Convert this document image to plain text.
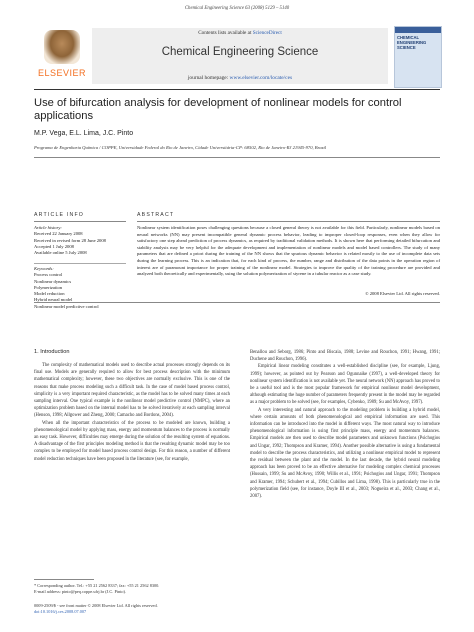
Chemical Engineering Science 63 (2008) 5129 – 5140
ELSEVIER
Contents lists available at ScienceDirect
Chemical Engineering Science
journal homepage: www.elsevier.com/locate/ces
CHEMICAL ENGINEERING SCIENCE
Use of bifurcation analysis for development of nonlinear models for control applications
M.P. Vega, E.L. Lima, J.C. Pinto
Programa de Engenharia Química / COPPE, Universidade Federal do Rio de Janeiro, Cidade Universitária-CP: 68502, Rio de Janeiro-RJ 21945-970, Brazil
ARTICLE INFO	ABSTRACT
Article history:
Received 22 January 2008
Received in revised form 28 June 2008
Accepted 1 July 2008
Available online 5 July 2008
Keywords:
Process control
Nonlinear dynamics
Polymerization
Model reduction
Hybrid neural model
Nonlinear model predictive control
Nonlinear system identification poses challenging questions because a closed general theory is not available for this field. Particularly, nonlinear models based on neural networks (NN) may present incompatible general dynamic process behavior, leading to improper closed-loop responses, even when they allow for satisfactory one step ahead prediction of process dynamics, as required by traditional validation methods. It is shown here that performing detailed bifurcation and stability analysis may be very helpful for the adequate development and implementation of nonlinear models and model based controllers. The study of many parameters that are defined a priori during the training of the NN shows that the spurious dynamic behavior is related mostly to the use of incomplete data sets during the learning process. This is an indication that, for each kind of process, the number, range and distribution of the data points in the operation region of interest are of paramount importance for proper training of the nonlinear model. Strategies to improve the quality of the training procedure are provided and analyzed both theoretically and experimentally, using the solution polymerization of styrene in a tubular reactor as a case study.
© 2008 Elsevier Ltd. All rights reserved.
1. Introduction

The complexity of mathematical models used to describe actual processes strongly depends on its final use. Models are generally required to allow for best process description with the minimum mathematical complexity; however, these two objectives are normally exclusive. This is one of the reasons that make process modeling such a difficult task. In the case of model based process control, simplicity is a very important required characteristic, as the model has to be solved many times at each sampling interval. One typical example is the nonlinear model predictive control (NMPC), where an optimization problem based on the internal model has to be solved iteratively at each sampling interval (Henson, 1998; Allgower and Zheng, 2000; Camacho and Bordons, 2004).

When all the important characteristics of the process to be modeled are known, building a phenomenological model by applying mass, energy and momentum balances to the process is normally an easy task. However, difficulties may emerge during the solution of the resulting system of equations. A disadvantage of the first principles modeling method is that the resulting dynamic model may be too complex to be employed for model based process control design. For this reason, a number of different model reduction techniques have been proposed in the literature (see, for example,

Benallou and Seborg, 1986; Pinto and Biscaia, 1988; Levine and Rouchon, 1991; Hwang, 1991; Duchene and Rouchon, 1996).

Empirical linear modeling constitutes a well-established discipline (see, for example, Ljung, 1999); however, as pointed out by Pearson and Ogunnaike (1997), a well-developed theory for nonlinear system identification is not available yet. The neural network (NN) approach has proved to be a useful tool and is the most popular framework for empirical nonlinear model development, although estimating the huge number of parameters frequently present in the model may be regarded as a major problem to be solved (see, for examples, Cybenko, 1989; Su and McAvoy, 1997).

A very interesting and natural approach to the modeling problem is building a hybrid model, where certain amounts of both phenomenological and empirical information are used. This information can be introduced into the model in different ways. The most natural way to introduce phenomenological information is using first principle mass, energy and momentum balances. Empirical models are then used to describe model parameters and unknown functions (Psichogios and Ungar, 1992; Thompson and Kramer, 1994). Another possible alternative is using a fundamental model to describe the process characteristics, and utilizing a nonlinear empirical model to represent the residual between the plant and the model. In the last decade, the hybrid neural modeling approach has been proved to be an effective alternative for modeling complex chemical processes (Hussain, 1999; Su and McAvoy, 1990; Willis et al., 1991; Psichogios and Ungar, 1991; Thompson and Kramer, 1994; Schubert et al., 1994; Cubillos and Lima, 1998). This is particularly true in the polymerization field (see, for instance, Doyle III et al., 2003; Nogueira et al., 2003; Chang et al., 2007).

* Corresponding author. Tel.: +55 21 2562 8337; fax: +55 21 2562 8300.
E-mail address: pinto@peq.coppe.ufrj.br (J.C. Pinto).
0009-2509/$ - see front matter © 2008 Elsevier Ltd. All rights reserved.
doi:10.1016/j.ces.2008.07.007
